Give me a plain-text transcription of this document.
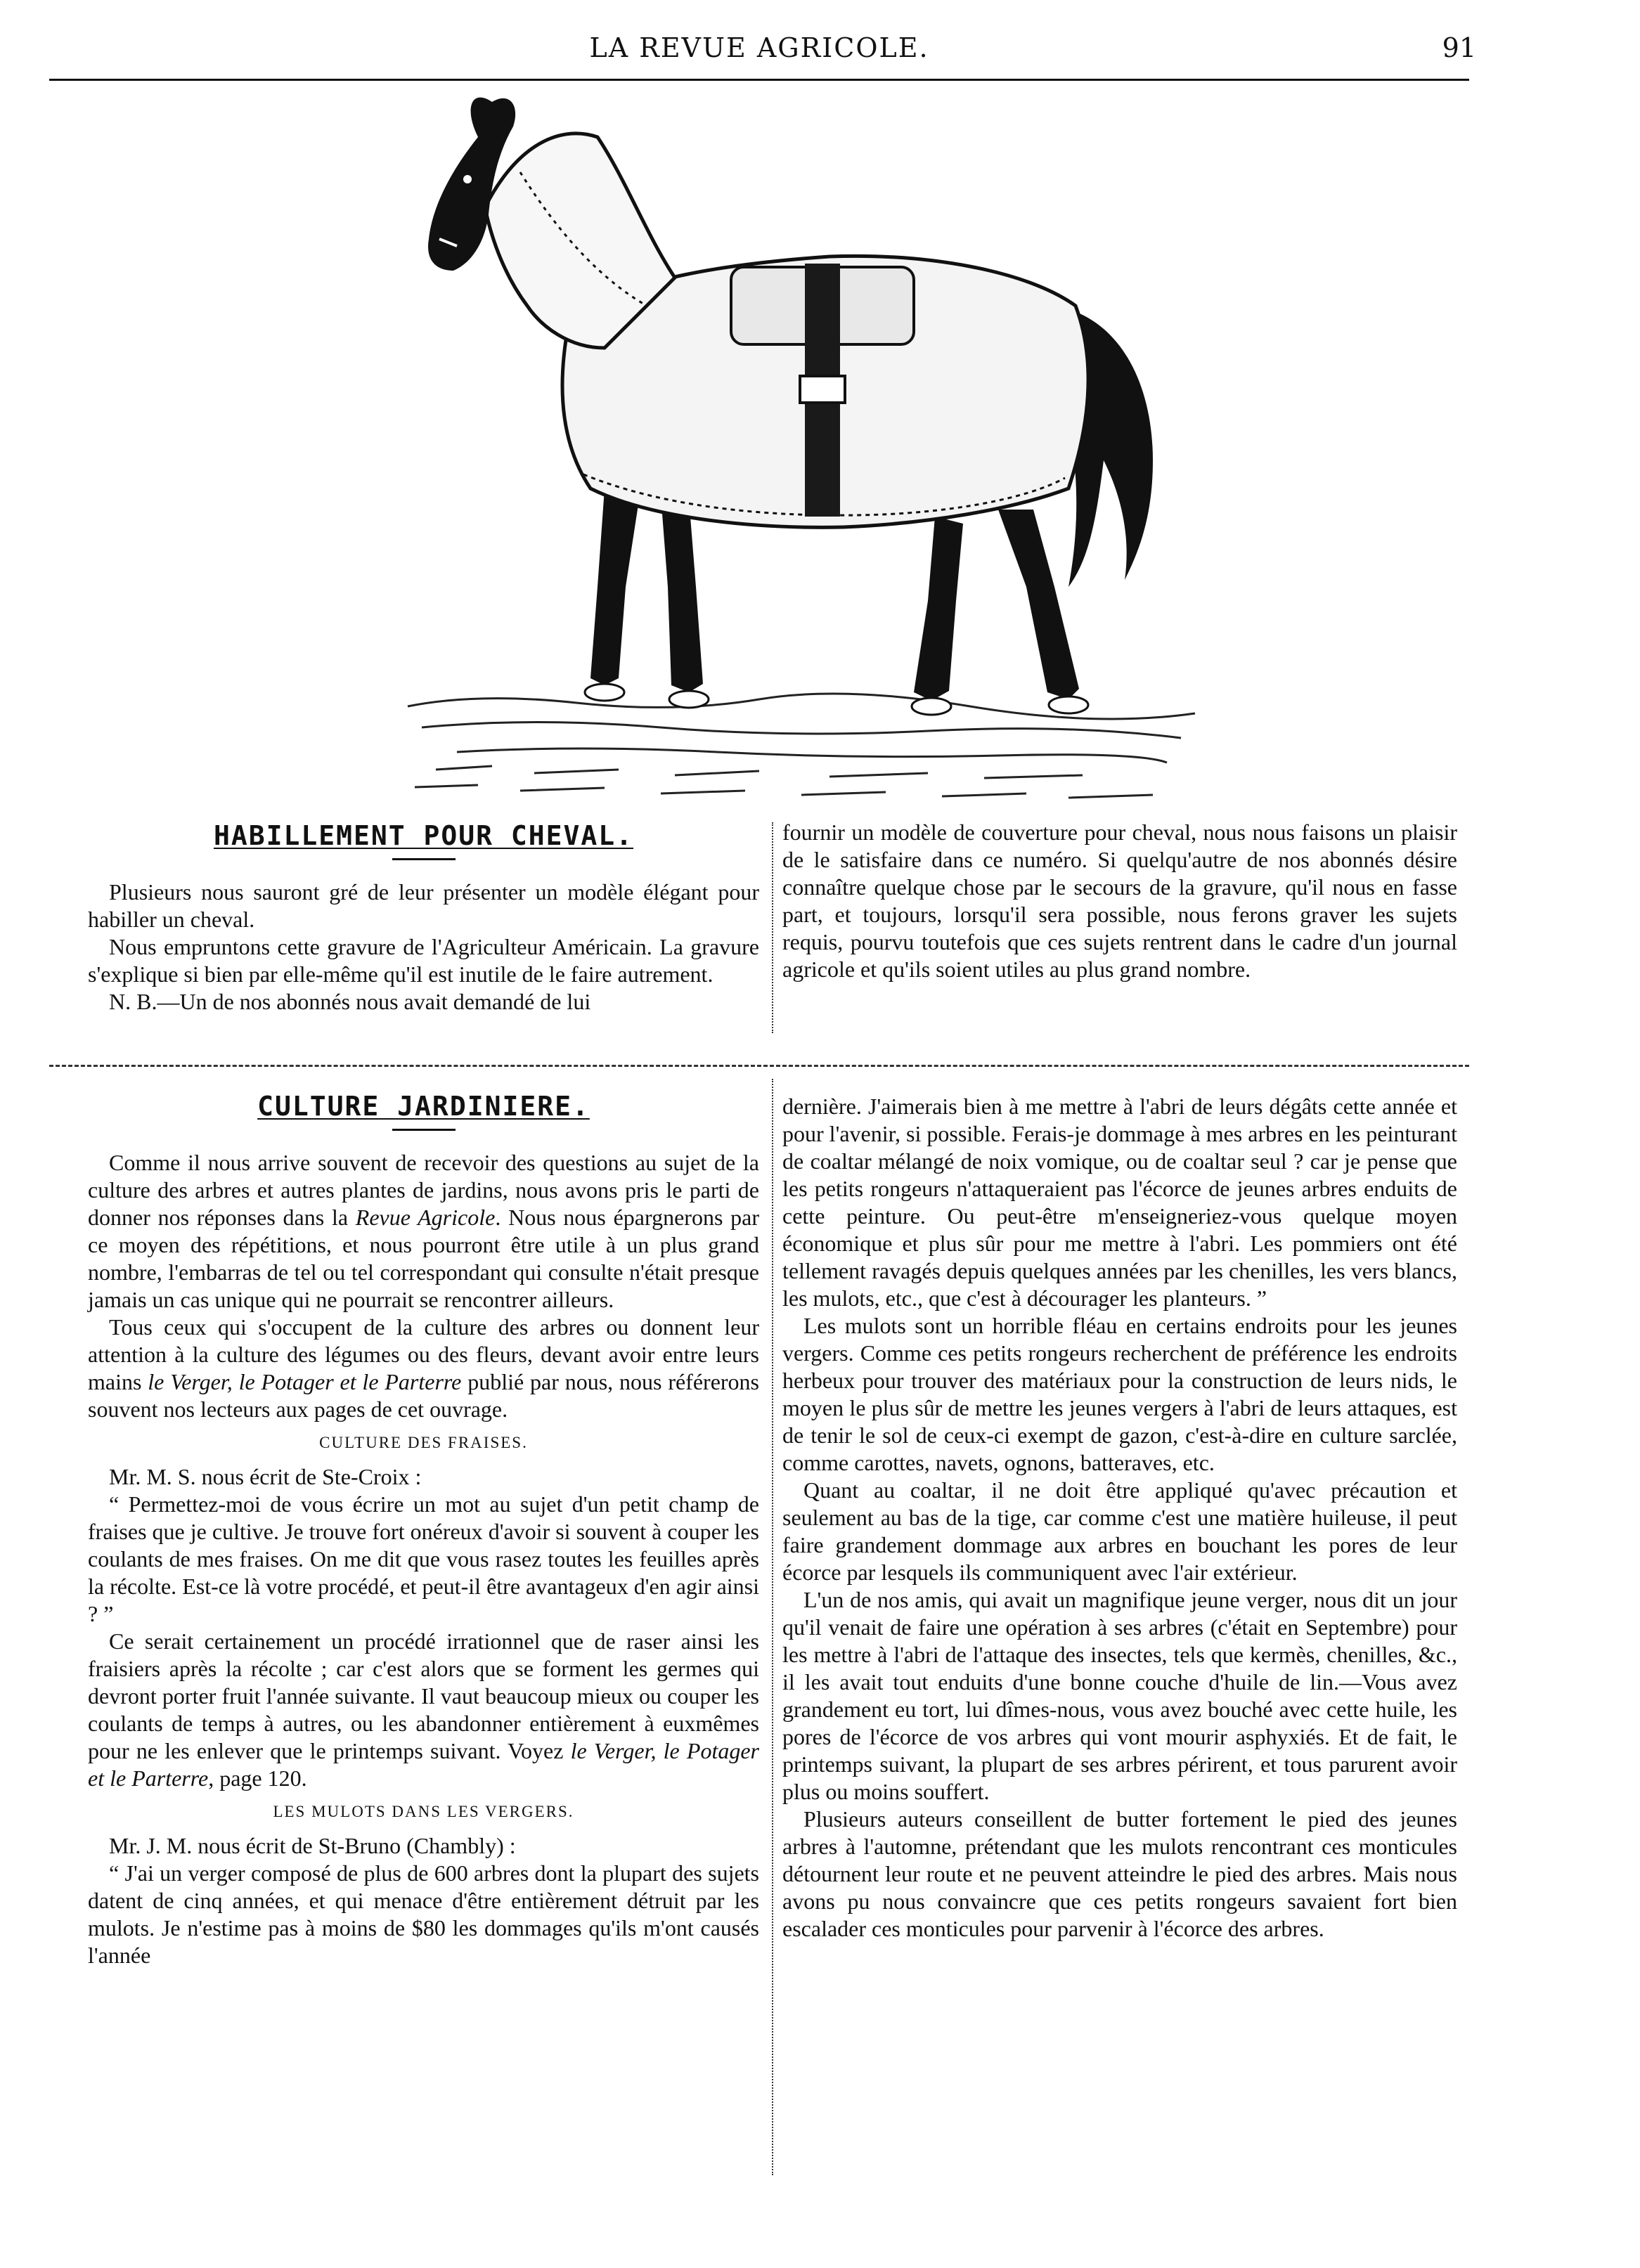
LA REVUE AGRICOLE.	91
HABILLEMENT POUR CHEVAL.

Plusieurs nous sauront gré de leur présenter un modèle élégant pour habiller un cheval.

Nous empruntons cette gravure de l'Agriculteur Américain. La gravure s'explique si bien par elle-même qu'il est inutile de le faire autrement.

N. B.—Un de nos abonnés nous avait demandé de lui

fournir un modèle de couverture pour cheval, nous nous faisons un plaisir de le satisfaire dans ce numéro. Si quelqu'autre de nos abonnés désire connaître quelque chose par le secours de la gravure, qu'il nous en fasse part, et toujours, lorsqu'il sera possible, nous ferons graver les sujets requis, pourvu toutefois que ces sujets rentrent dans le cadre d'un journal agricole et qu'ils soient utiles au plus grand nombre.

CULTURE JARDINIERE.

Comme il nous arrive souvent de recevoir des questions au sujet de la culture des arbres et autres plantes de jardins, nous avons pris le parti de donner nos réponses dans la Revue Agricole. Nous nous épargnerons par ce moyen des répétitions, et nous pourront être utile à un plus grand nombre, l'embarras de tel ou tel correspondant qui consulte n'était presque jamais un cas unique qui ne pourrait se rencontrer ailleurs.

Tous ceux qui s'occupent de la culture des arbres ou donnent leur attention à la culture des légumes ou des fleurs, devant avoir entre leurs mains le Verger, le Potager et le Parterre publié par nous, nous référerons souvent nos lecteurs aux pages de cet ouvrage.

CULTURE DES FRAISES.

Mr. M. S. nous écrit de Ste-Croix :

“ Permettez-moi de vous écrire un mot au sujet d'un petit champ de fraises que je cultive. Je trouve fort onéreux d'avoir si souvent à couper les coulants de mes fraises. On me dit que vous rasez toutes les feuilles après la récolte. Est-ce là votre procédé, et peut-il être avantageux d'en agir ainsi ? ”

Ce serait certainement un procédé irrationnel que de raser ainsi les fraisiers après la récolte ; car c'est alors que se forment les germes qui devront porter fruit l'année suivante. Il vaut beaucoup mieux ou couper les coulants de temps à autres, ou les abandonner entièrement à euxmêmes pour ne les enlever que le printemps suivant. Voyez le Verger, le Potager et le Parterre, page 120.

LES MULOTS DANS LES VERGERS.

Mr. J. M. nous écrit de St-Bruno (Chambly) :

“ J'ai un verger composé de plus de 600 arbres dont la plupart des sujets datent de cinq années, et qui menace d'être entièrement détruit par les mulots. Je n'estime pas à moins de $80 les dommages qu'ils m'ont causés l'année

dernière. J'aimerais bien à me mettre à l'abri de leurs dégâts cette année et pour l'avenir, si possible. Ferais-je dommage à mes arbres en les peinturant de coaltar mélangé de noix vomique, ou de coaltar seul ? car je pense que les petits rongeurs n'attaqueraient pas l'écorce de jeunes arbres enduits de cette peinture. Ou peut-être m'enseigneriez-vous quelque moyen économique et plus sûr pour me mettre à l'abri. Les pommiers ont été tellement ravagés depuis quelques années par les chenilles, les vers blancs, les mulots, etc., que c'est à décourager les planteurs. ”

Les mulots sont un horrible fléau en certains endroits pour les jeunes vergers. Comme ces petits rongeurs recherchent de préférence les endroits herbeux pour trouver des matériaux pour la construction de leurs nids, le moyen le plus sûr de mettre les jeunes vergers à l'abri de leurs attaques, est de tenir le sol de ceux-ci exempt de gazon, c'est-à-dire en culture sarclée, comme carottes, navets, ognons, batteraves, etc.

Quant au coaltar, il ne doit être appliqué qu'avec précaution et seulement au bas de la tige, car comme c'est une matière huileuse, il peut faire grandement dommage aux arbres en bouchant les pores de leur écorce par lesquels ils communiquent avec l'air extérieur.

L'un de nos amis, qui avait un magnifique jeune verger, nous dit un jour qu'il venait de faire une opération à ses arbres (c'était en Septembre) pour les mettre à l'abri de l'attaque des insectes, tels que kermès, chenilles, &c., il les avait tout enduits d'une bonne couche d'huile de lin.—Vous avez grandement eu tort, lui dîmes-nous, vous avez bouché avec cette huile, les pores de l'écorce de vos arbres qui vont mourir asphyxiés. Et de fait, le printemps suivant, la plupart de ses arbres périrent, et tous parurent avoir plus ou moins souffert.

Plusieurs auteurs conseillent de butter fortement le pied des jeunes arbres à l'automne, prétendant que les mulots rencontrant ces monticules détournent leur route et ne peuvent atteindre le pied des arbres. Mais nous avons pu nous convaincre que ces petits rongeurs savaient fort bien escalader ces monticules pour parvenir à l'écorce des arbres.
